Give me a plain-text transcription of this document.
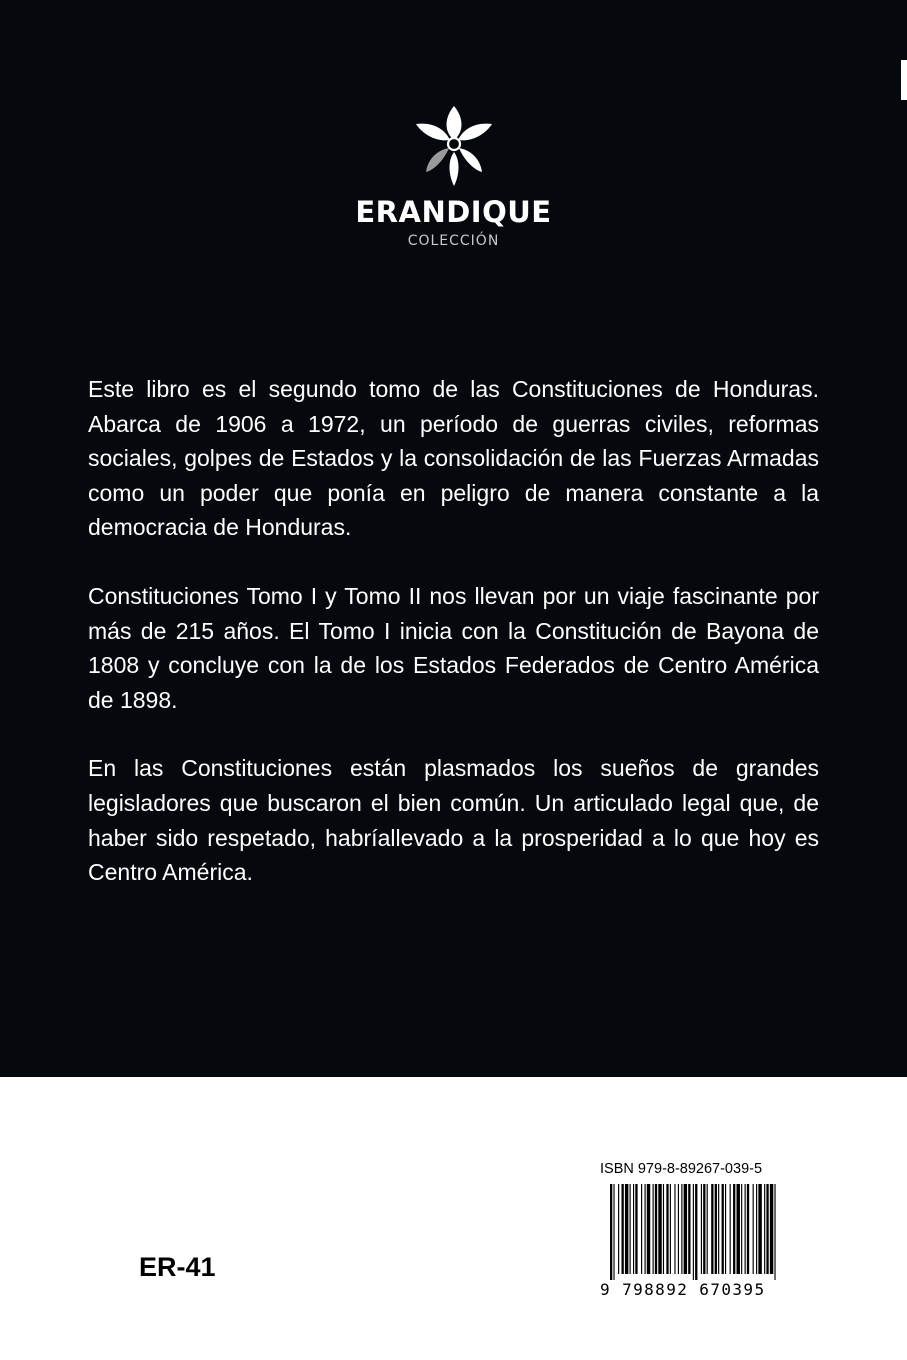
ERANDIQUE
COLECCIÓN

Este libro es el segundo tomo de las Constituciones de Honduras. Abarca de 1906 a 1972, un período de guerras civiles, reformas sociales, golpes de Estados y la consolidación de las Fuerzas Armadas como un poder que ponía en peligro de manera constante a la democracia de Honduras.

Constituciones Tomo I y Tomo II nos llevan por un viaje fascinante por más de 215 años. El Tomo I inicia con la Constitución de Bayona de 1808 y concluye con la de los Estados Federados de Centro América de 1898.

En las Constituciones están plasmados los sueños de grandes legisladores que buscaron el bien común. Un articulado legal que, de haber sido respetado, habríallevado a la prosperidad a lo que hoy es Centro América.

ER-41
ISBN 979-8-89267-039-5
9 798892 670395
